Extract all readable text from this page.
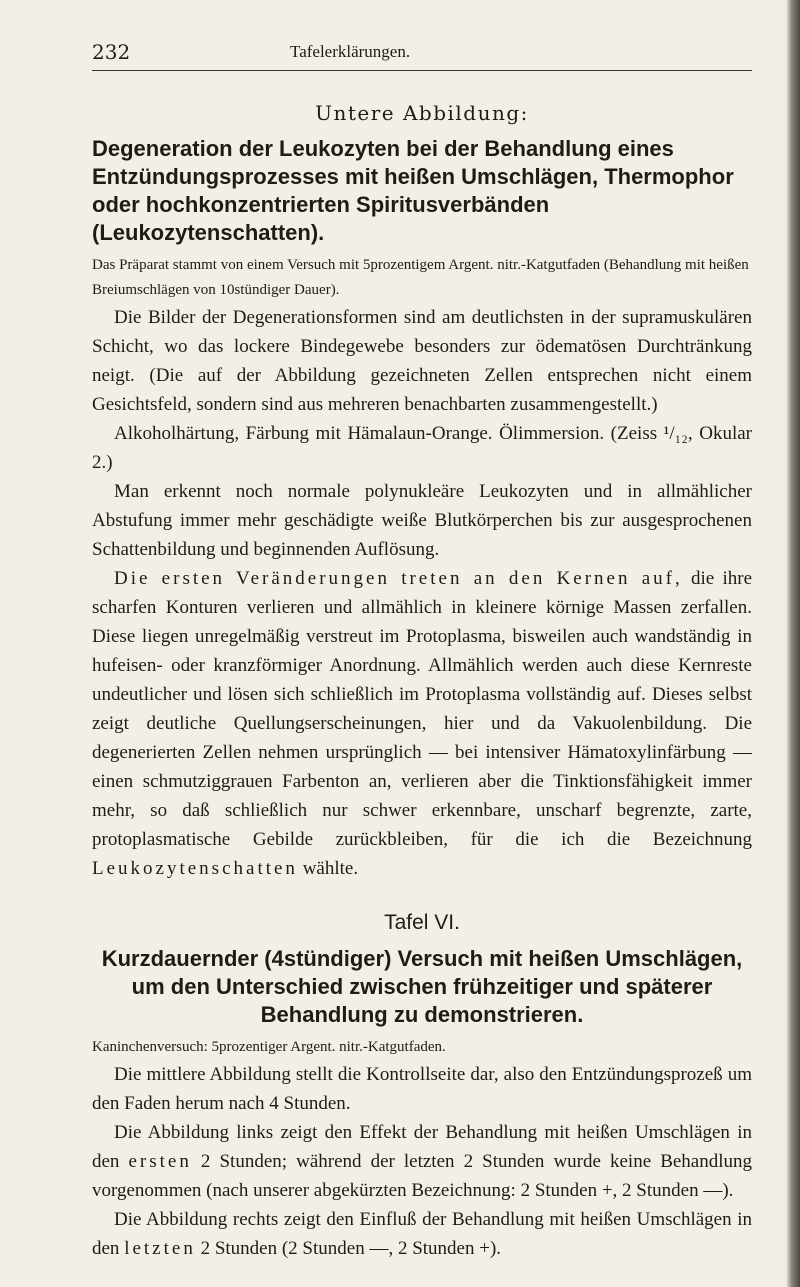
232	Tafelerklärungen.
Untere Abbildung:
Degeneration der Leukozyten bei der Behandlung eines Entzündungsprozesses mit heißen Umschlägen, Thermophor oder hochkonzentrierten Spiritusverbänden (Leukozytenschatten).
Das Präparat stammt von einem Versuch mit 5prozentigem Argent. nitr.-Katgutfaden (Behandlung mit heißen Breiumschlägen von 10stündiger Dauer).

Die Bilder der Degenerationsformen sind am deutlichsten in der supramuskulären Schicht, wo das lockere Bindegewebe besonders zur ödematösen Durchtränkung neigt. (Die auf der Abbildung gezeichneten Zellen entsprechen nicht einem Gesichtsfeld, sondern sind aus mehreren benachbarten zusammengestellt.)

Alkoholhärtung, Färbung mit Hämalaun-Orange. Ölimmersion. (Zeiss ¹/₁₂, Okular 2.)

Man erkennt noch normale polynukleäre Leukozyten und in allmählicher Abstufung immer mehr geschädigte weiße Blutkörperchen bis zur ausgesprochenen Schattenbildung und beginnenden Auflösung.

Die ersten Veränderungen treten an den Kernen auf, die ihre scharfen Konturen verlieren und allmählich in kleinere körnige Massen zerfallen. Diese liegen unregelmäßig verstreut im Protoplasma, bisweilen auch wandständig in hufeisen- oder kranzförmiger Anordnung. Allmählich werden auch diese Kernreste undeutlicher und lösen sich schließlich im Protoplasma vollständig auf. Dieses selbst zeigt deutliche Quellungserscheinungen, hier und da Vakuolenbildung. Die degenerierten Zellen nehmen ursprünglich — bei intensiver Hämatoxylinfärbung — einen schmutziggrauen Farbenton an, verlieren aber die Tinktionsfähigkeit immer mehr, so daß schließlich nur schwer erkennbare, unscharf begrenzte, zarte, protoplasmatische Gebilde zurückbleiben, für die ich die Bezeichnung Leukozytenschatten wählte.

Tafel VI.
Kurzdauernder (4stündiger) Versuch mit heißen Umschlägen, um den Unterschied zwischen frühzeitiger und späterer Behandlung zu demonstrieren.
Kaninchenversuch: 5prozentiger Argent. nitr.-Katgutfaden.

Die mittlere Abbildung stellt die Kontrollseite dar, also den Entzündungsprozeß um den Faden herum nach 4 Stunden.

Die Abbildung links zeigt den Effekt der Behandlung mit heißen Umschlägen in den ersten 2 Stunden; während der letzten 2 Stunden wurde keine Behandlung vorgenommen (nach unserer abgekürzten Bezeichnung: 2 Stunden +, 2 Stunden —).

Die Abbildung rechts zeigt den Einfluß der Behandlung mit heißen Umschlägen in den letzten 2 Stunden (2 Stunden —, 2 Stunden +).
